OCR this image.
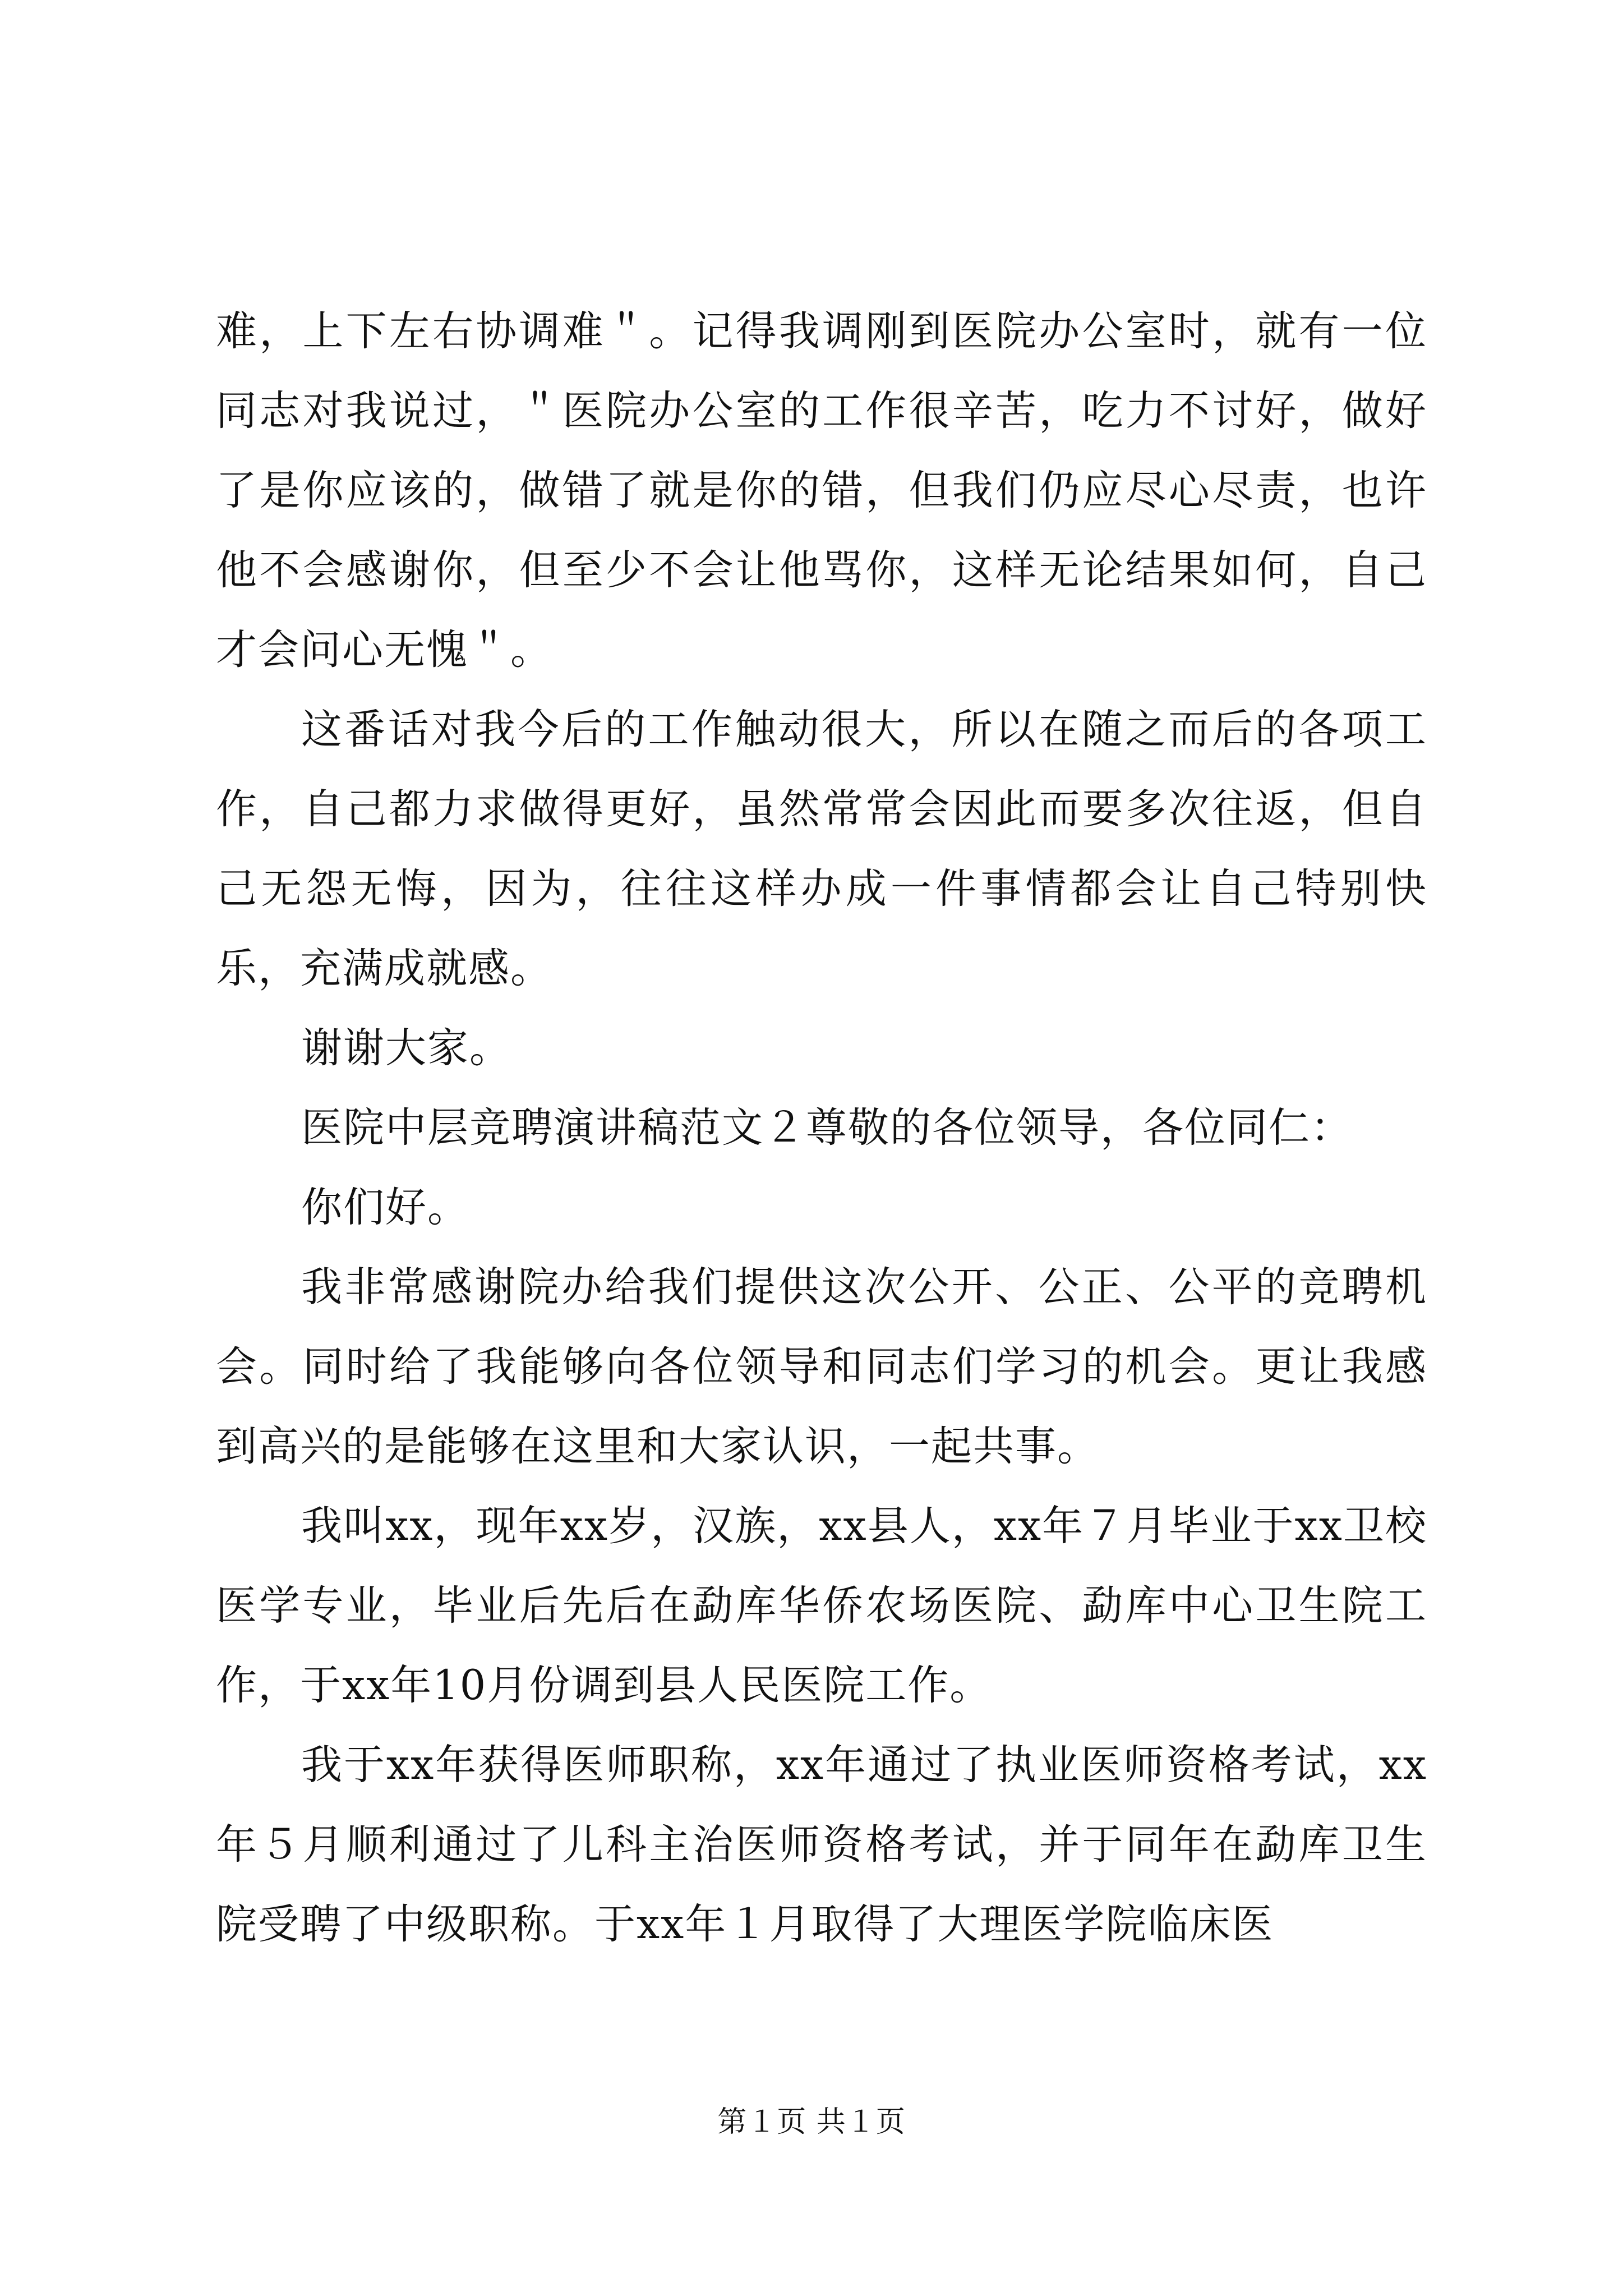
难，上下左右协调难＂。记得我调刚到医院办公室时，就有一位同志对我说过，＂医院办公室的工作很辛苦，吃力不讨好，做好了是你应该的，做错了就是你的错，但我们仍应尽心尽责，也许他不会感谢你，但至少不会让他骂你，这样无论结果如何，自己才会问心无愧＂。

这番话对我今后的工作触动很大，所以在随之而后的各项工作，自己都力求做得更好，虽然常常会因此而要多次往返，但自己无怨无悔，因为，往往这样办成一件事情都会让自己特别快乐，充满成就感。

谢谢大家。

医院中层竞聘演讲稿范文２尊敬的各位领导，各位同仁：

你们好。

我非常感谢院办给我们提供这次公开、公正、公平的竞聘机会。同时给了我能够向各位领导和同志们学习的机会。更让我感到高兴的是能够在这里和大家认识，一起共事。

我叫xx，现年xx岁，汉族，xx县人，xx年７月毕业于xx卫校医学专业，毕业后先后在勐库华侨农场医院、勐库中心卫生院工作，于xx年10月份调到县人民医院工作。

我于xx年获得医师职称，xx年通过了执业医师资格考试，xx年５月顺利通过了儿科主治医师资格考试，并于同年在勐库卫生院受聘了中级职称。于xx年１月取得了大理医学院临床医

第１页 共１页
